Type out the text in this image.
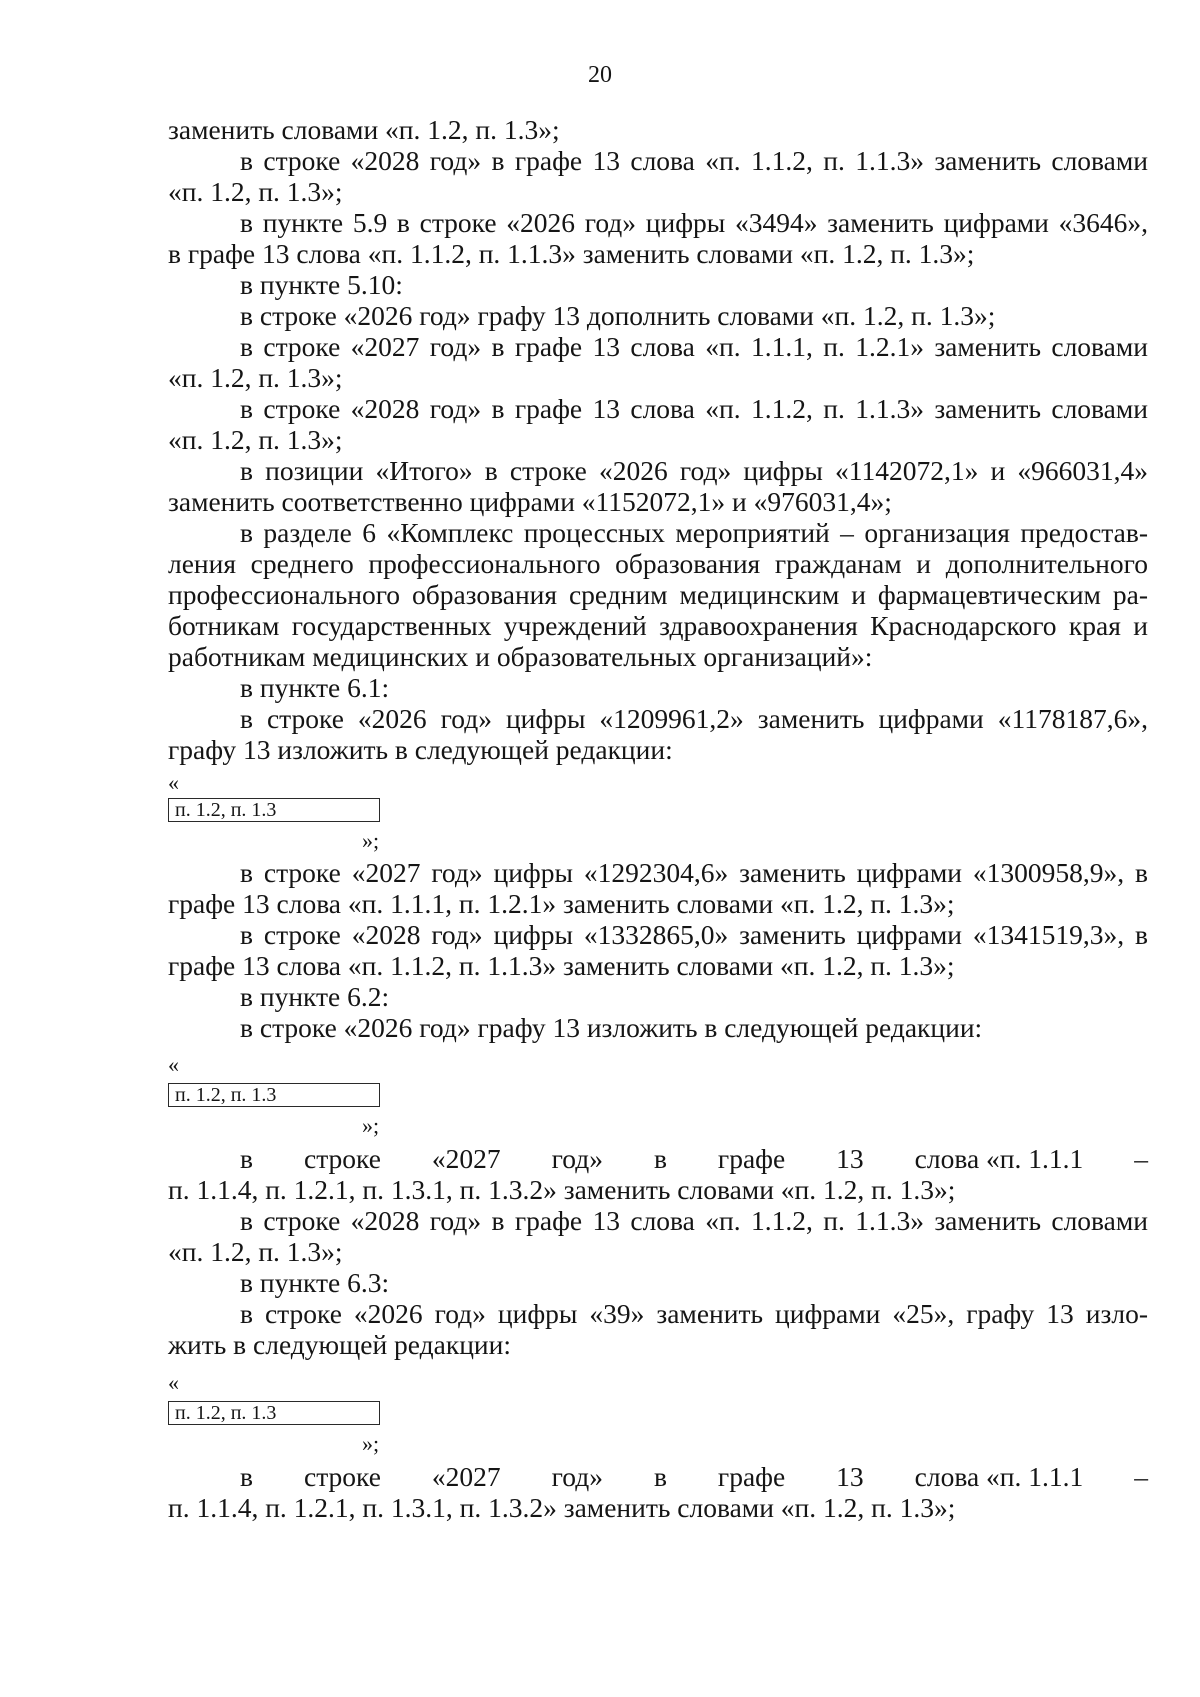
20
заменить словами «п. 1.2, п. 1.3»;
в строке «2028 год» в графе 13 слова «п. 1.1.2, п. 1.1.3» заменить словами
«п. 1.2, п. 1.3»;
в пункте 5.9 в строке «2026 год» цифры «3494» заменить цифрами «3646»,
в графе 13 слова «п. 1.1.2, п. 1.1.3» заменить словами «п. 1.2, п. 1.3»;
в пункте 5.10:
в строке «2026 год» графу 13 дополнить словами «п. 1.2, п. 1.3»;
в строке «2027 год» в графе 13 слова «п. 1.1.1, п. 1.2.1» заменить словами
«п. 1.2, п. 1.3»;
в строке «2028 год» в графе 13 слова «п. 1.1.2, п. 1.1.3» заменить словами
«п. 1.2, п. 1.3»;
в позиции «Итого» в строке «2026 год» цифры «1142072,1» и «966031,4»
заменить соответственно цифрами «1152072,1» и «976031,4»;
в разделе 6 «Комплекс процессных мероприятий – организация предостав-
ления среднего профессионального образования гражданам и дополнительного
профессионального образования средним медицинским и фармацевтическим ра-
ботникам государственных учреждений здравоохранения Краснодарского края и
работникам медицинских и образовательных организаций»:
в пункте 6.1:
в строке «2026 год» цифры «1209961,2» заменить цифрами «1178187,6»,
графу 13 изложить в следующей редакции:
«
п. 1.2, п. 1.3
»;
в строке «2027 год» цифры «1292304,6» заменить цифрами «1300958,9», в
графе 13 слова «п. 1.1.1, п. 1.2.1» заменить словами «п. 1.2, п. 1.3»;
в строке «2028 год» цифры «1332865,0» заменить цифрами «1341519,3», в
графе 13 слова «п. 1.1.2, п. 1.1.3» заменить словами «п. 1.2, п. 1.3»;
в пункте 6.2:
в строке «2026 год» графу 13 изложить в следующей редакции:
«
п. 1.2, п. 1.3
»;
в строке «2027 год» в графе 13 слова «п. 1.1.1 –
п. 1.1.4, п. 1.2.1, п. 1.3.1, п. 1.3.2» заменить словами «п. 1.2, п. 1.3»;
в строке «2028 год» в графе 13 слова «п. 1.1.2, п. 1.1.3» заменить словами
«п. 1.2, п. 1.3»;
в пункте 6.3:
в строке «2026 год» цифры «39» заменить цифрами «25», графу 13 изло-
жить в следующей редакции:
«
п. 1.2, п. 1.3
»;
в строке «2027 год» в графе 13 слова «п. 1.1.1 –
п. 1.1.4, п. 1.2.1, п. 1.3.1, п. 1.3.2» заменить словами «п. 1.2, п. 1.3»;
